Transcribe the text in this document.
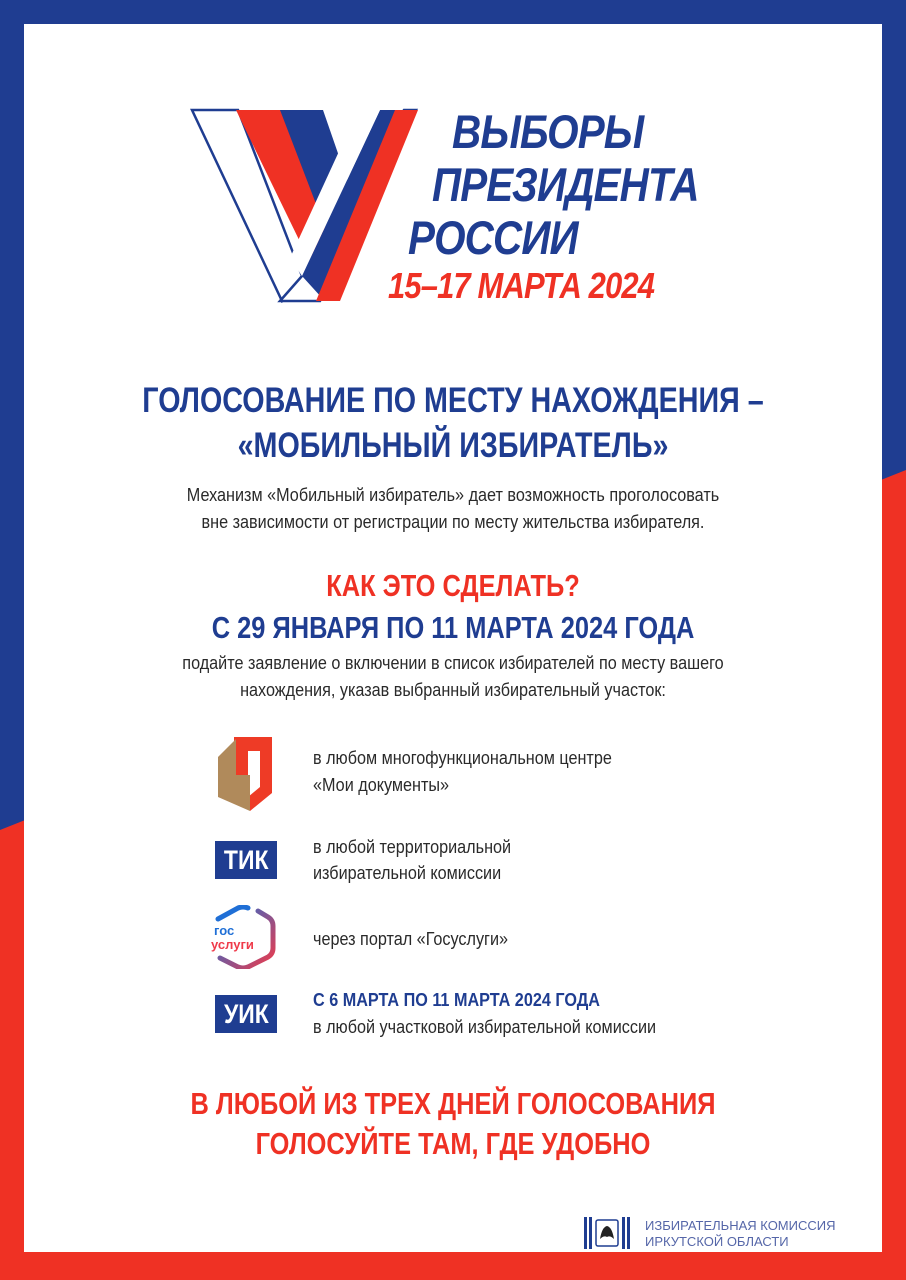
ВЫБОРЫ
ПРЕЗИДЕНТА
РОССИИ
15–17 МАРТА 2024
ГОЛОСОВАНИЕ ПО МЕСТУ НАХОЖДЕНИЯ –
«МОБИЛЬНЫЙ ИЗБИРАТЕЛЬ»
Механизм «Мобильный избиратель» дает возможность проголосовать
вне зависимости от регистрации по месту жительства избирателя.
КАК ЭТО СДЕЛАТЬ?
С 29 ЯНВАРЯ ПО 11 МАРТА 2024 ГОДА
подайте заявление о включении в список избирателей по месту вашего
нахождения, указав выбранный избирательный участок:
в любом многофункциональном центре
«Мои документы»
ТИК	в любой территориальной
избирательной комиссии
гос
услуги	через портал «Госуслуги»
УИК	С 6 МАРТА ПО 11 МАРТА 2024 ГОДА
в любой участковой избирательной комиссии
В ЛЮБОЙ ИЗ ТРЕХ ДНЕЙ ГОЛОСОВАНИЯ
ГОЛОСУЙТЕ ТАМ, ГДЕ УДОБНО
ИЗБИРАТЕЛЬНАЯ КОМИССИЯ
ИРКУТСКОЙ ОБЛАСТИ
